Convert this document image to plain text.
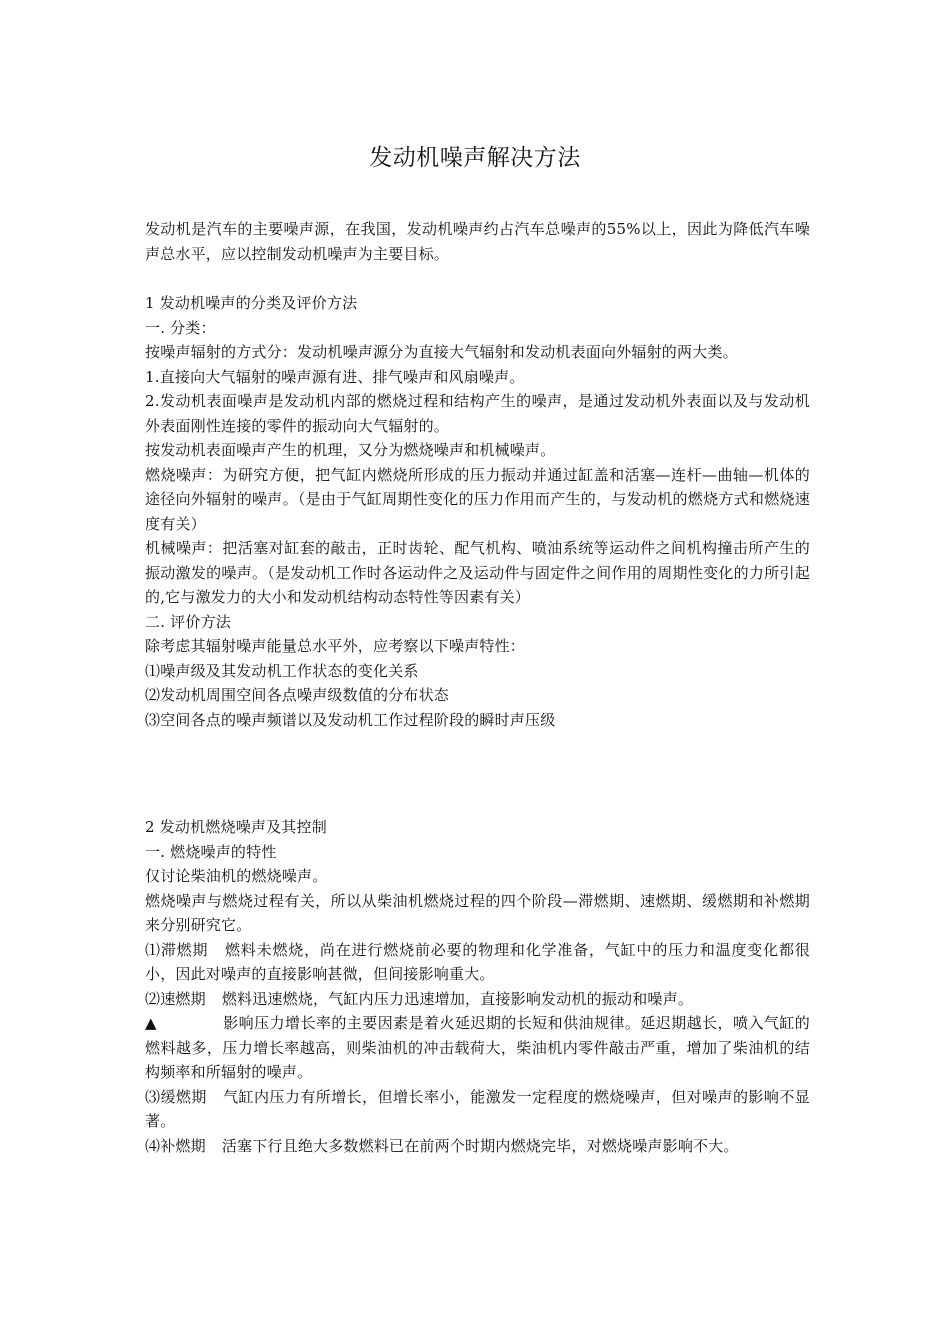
发动机噪声解决方法

发动机是汽车的主要噪声源，在我国，发动机噪声约占汽车总噪声的55%以上，因此为降低汽车噪声总水平，应以控制发动机噪声为主要目标。

1 发动机噪声的分类及评价方法

一. 分类：

按噪声辐射的方式分：发动机噪声源分为直接大气辐射和发动机表面向外辐射的两大类。

1.直接向大气辐射的噪声源有进、排气噪声和风扇噪声。

2.发动机表面噪声是发动机内部的燃烧过程和结构产生的噪声，是通过发动机外表面以及与发动机外表面刚性连接的零件的振动向大气辐射的。

按发动机表面噪声产生的机理，又分为燃烧噪声和机械噪声。

燃烧噪声：为研究方便，把气缸内燃烧所形成的压力振动并通过缸盖和活塞—连杆—曲轴—机体的途径向外辐射的噪声。（是由于气缸周期性变化的压力作用而产生的，与发动机的燃烧方式和燃烧速度有关）

机械噪声：把活塞对缸套的敲击，正时齿轮、配气机构、喷油系统等运动件之间机构撞击所产生的振动激发的噪声。（是发动机工作时各运动件之及运动件与固定件之间作用的周期性变化的力所引起的,它与激发力的大小和发动机结构动态特性等因素有关）

二. 评价方法

除考虑其辐射噪声能量总水平外，应考察以下噪声特性：

⑴噪声级及其发动机工作状态的变化关系

⑵发动机周围空间各点噪声级数值的分布状态

⑶空间各点的噪声频谱以及发动机工作过程阶段的瞬时声压级

2 发动机燃烧噪声及其控制

一. 燃烧噪声的特性

仅讨论柴油机的燃烧噪声。

燃烧噪声与燃烧过程有关，所以从柴油机燃烧过程的四个阶段—滞燃期、速燃期、缓燃期和补燃期来分别研究它。

⑴滞燃期 燃料未燃烧，尚在进行燃烧前必要的物理和化学准备，气缸中的压力和温度变化都很小，因此对噪声的直接影响甚微，但间接影响重大。

⑵速燃期 燃料迅速燃烧，气缸内压力迅速增加，直接影响发动机的振动和噪声。

▲	影响压力增长率的主要因素是着火延迟期的长短和供油规律。延迟期越长，喷入气缸的燃料越多，压力增长率越高，则柴油机的冲击载荷大，柴油机内零件敲击严重，增加了柴油机的结构频率和所辐射的噪声。

⑶缓燃期 气缸内压力有所增长，但增长率小，能激发一定程度的燃烧噪声，但对噪声的影响不显著。

⑷补燃期 活塞下行且绝大多数燃料已在前两个时期内燃烧完毕，对燃烧噪声影响不大。
